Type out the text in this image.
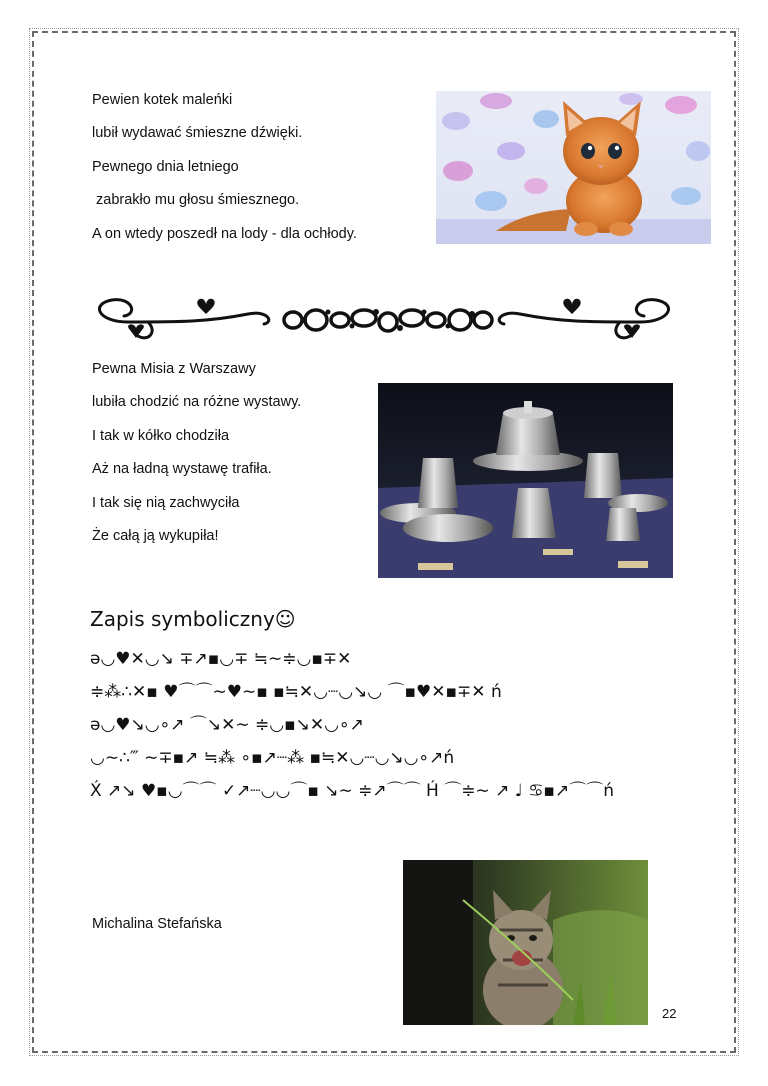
Pewien kotek maleńki
lubił wydawać śmieszne dźwięki.
Pewnego dnia letniego
zabrakło mu głosu śmiesznego.
A on wtedy poszedł na lody - dla ochłody.
Pewna Misia z Warszawy
lubiła chodzić na różne wystawy.
I tak w kółko chodziła
Aż na ładną wystawę trafiła.
I tak się nią zachwyciła
Że całą ją wykupiła!
Zapis symboliczny☺
ə◡♥✕◡↘ ∓↗▪◡∓ ≒∼≑◡▪∓✕
≑⁂∴✕▪ ♥⌒⌒∼♥∼▪ ▪≒✕◡┈◡↘◡ ⌒▪♥✕▪∓✕ ń
ə◡♥↘◡∘↗ ⌒↘✕∼ ≑◡▪↘✕◡∘↗
◡∼∴‴ ∼∓▪↗ ≒⁂ ∘▪↗┈⁂ ▪≒✕◡┈◡↘◡∘↗ń
X́ ↗↘ ♥▪◡⌒⌒ ✓↗┈◡◡⌒▪ ↘∼ ≑↗⌒⌒ H́ ⌒≑∼ ↗ ♩ ♋▪↗⌒⌒ń
Michalina Stefańska
22
